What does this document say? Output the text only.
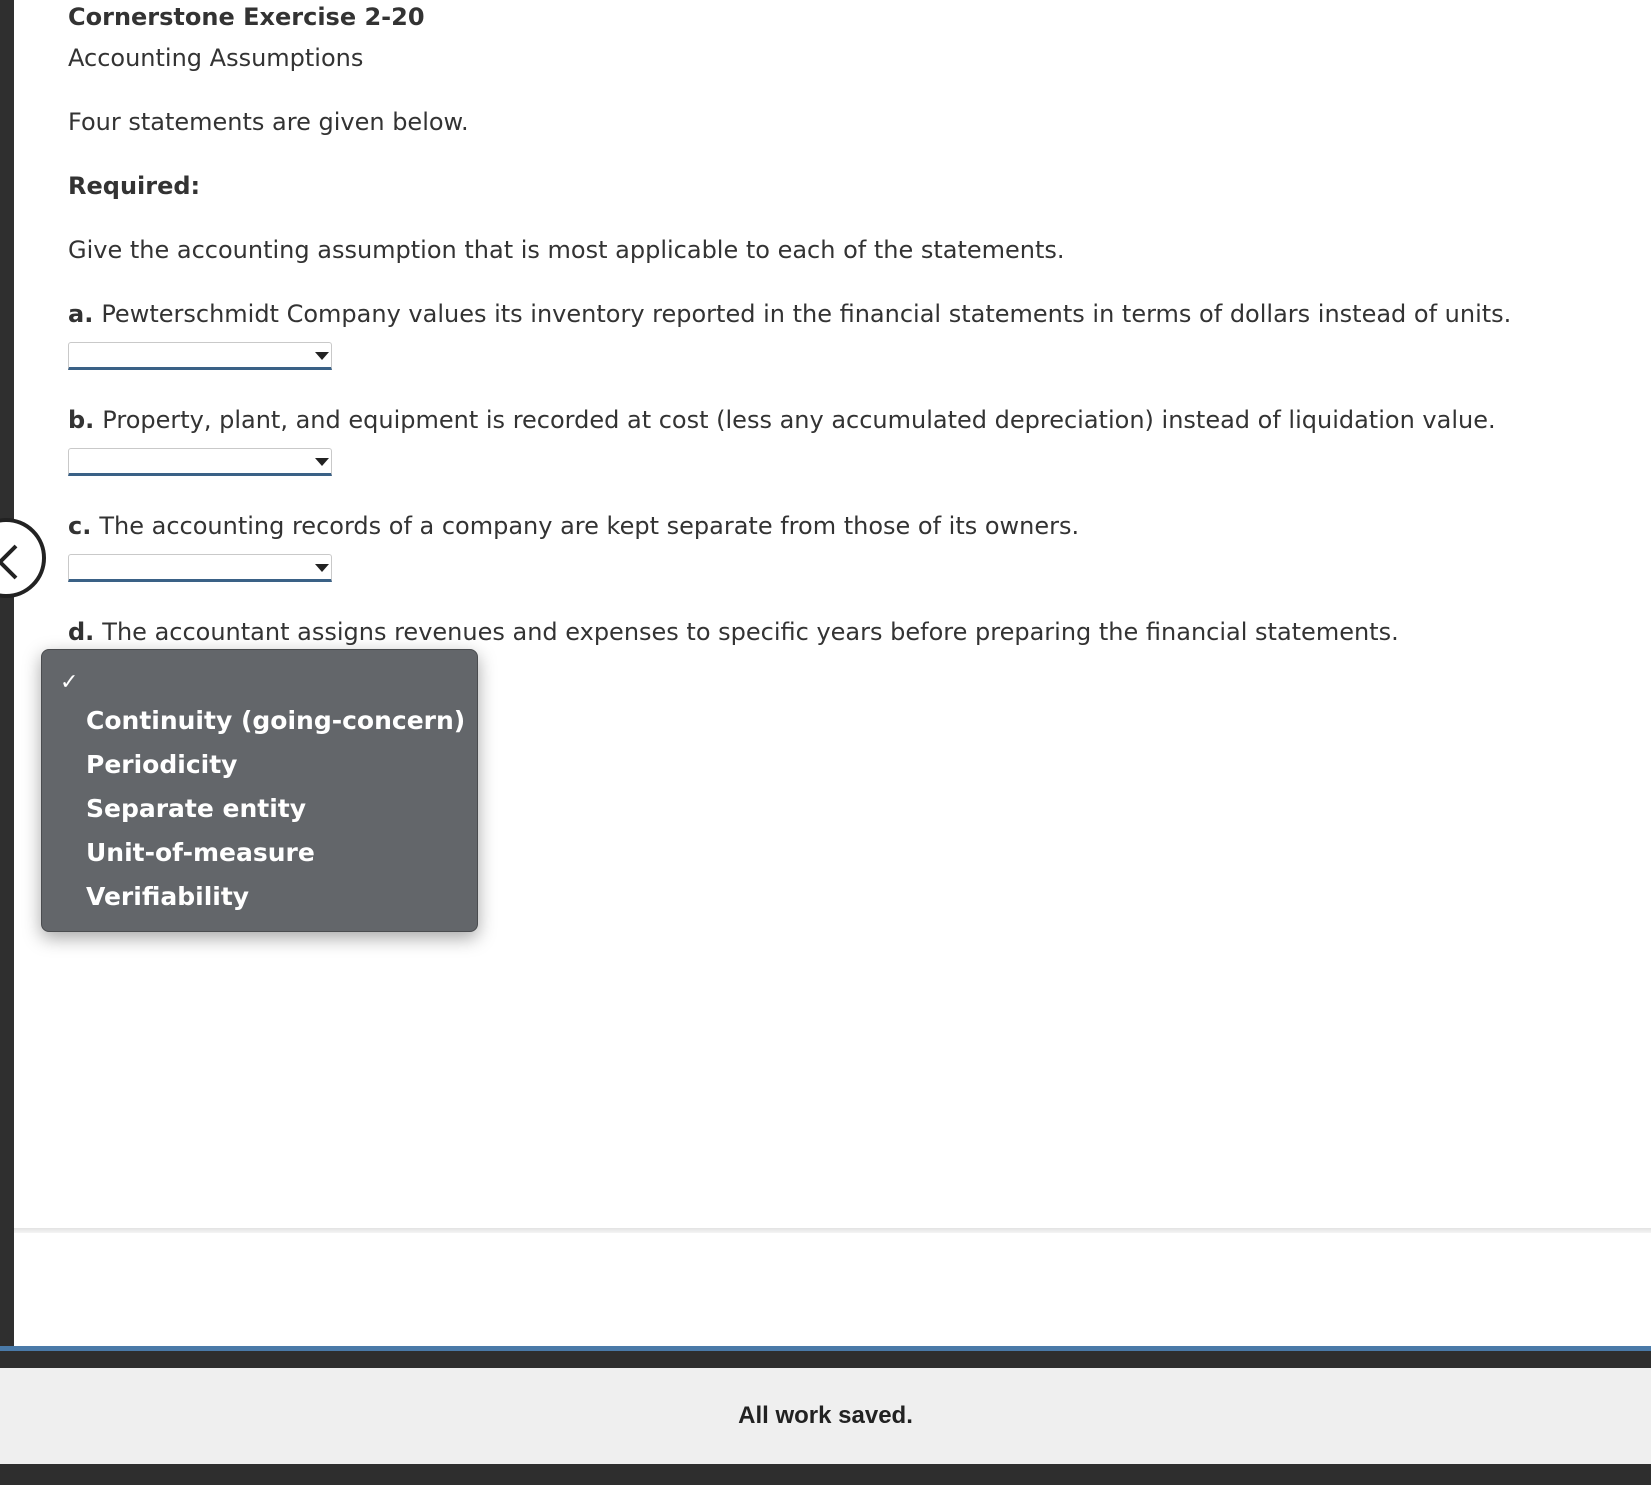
Cornerstone Exercise 2-20
Accounting Assumptions
Four statements are given below.
Required:
Give the accounting assumption that is most applicable to each of the statements.
a. Pewterschmidt Company values its inventory reported in the financial statements in terms of dollars instead of units.
b. Property, plant, and equipment is recorded at cost (less any accumulated depreciation) instead of liquidation value.
c. The accounting records of a company are kept separate from those of its owners.
d. The accountant assigns revenues and expenses to specific years before preparing the financial statements.
✓
Continuity (going-concern)
Periodicity
Separate entity
Unit-of-measure
Verifiability
All work saved.
